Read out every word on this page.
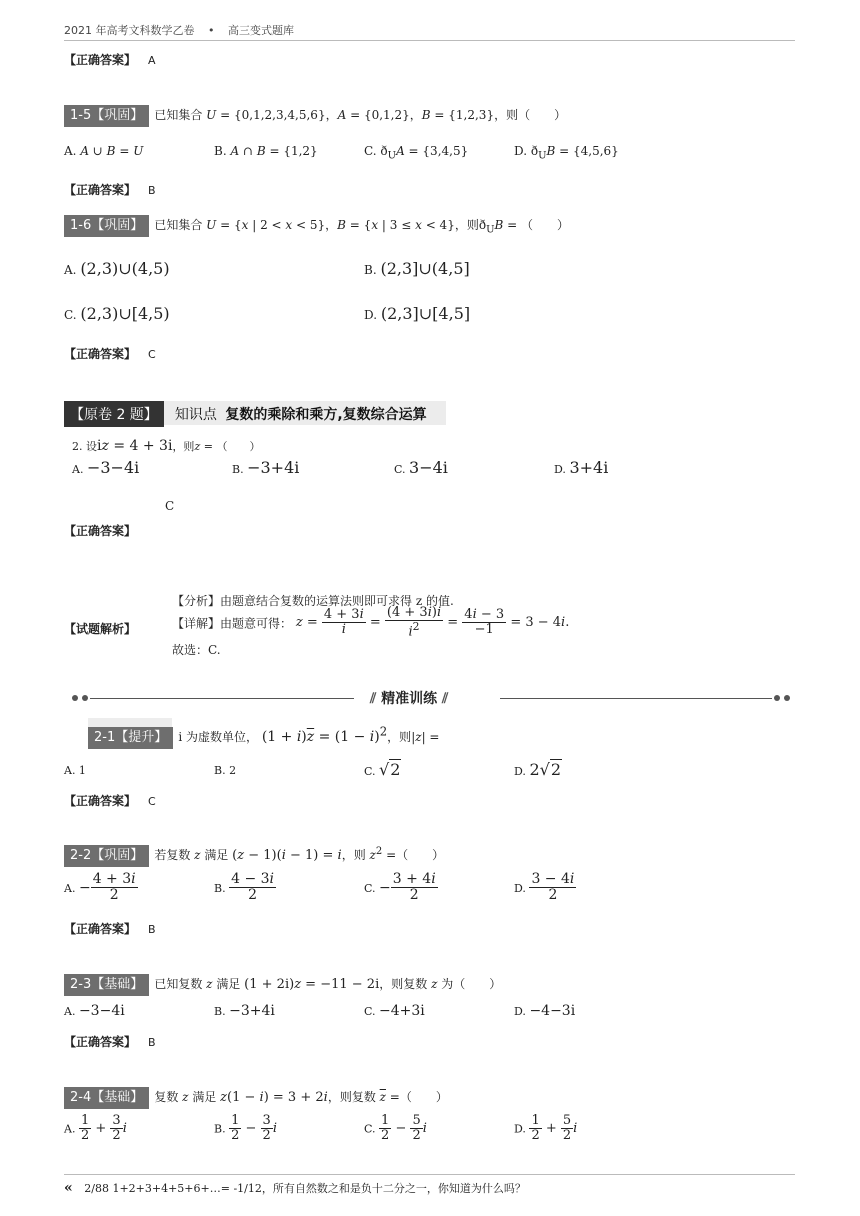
2021 年高考文科数学乙卷 • 高三变式题库
【正确答案】 A
1-5【巩固】 已知集合 U = {0,1,2,3,4,5,6}，A = {0,1,2}，B = {1,2,3}，则（　　）
A. A ∪ B = U	B. A ∩ B = {1,2}	C. $ð_UA = \{3,4,5\}$	D. $ð_UB = \{4,5,6\}$
【正确答案】 B
1-6【巩固】 已知集合 U = {x | 2 < x < 5}，B = {x | 3 ≤ x < 4}，则$ð_UB$ = （　　）
A. (2,3)∪(4,5)	B. (2,3]∪(4,5]
C. (2,3)∪[4,5)	D. (2,3]∪[4,5]
【正确答案】 C
【原卷 2 题】 知识点 复数的乘除和乘方,复数综合运算
2. 设iz = 4 + 3i，则z = （　　）
A. −3−4i	B. −3+4i	C. 3−4i	D. 3+4i
C
【正确答案】
【分析】由题意结合复数的运算法则即可求得 z 的值.
【试题解析】	【详解】由题意可得： $z = \frac{4 + 3i}{i} = \frac{(4 + 3i)i}{i^2} = \frac{4i - 3}{-1} = 3 - 4i$.
故选：C.
⫽ 精准训练 ⫽
2-1【提升】 i 为虚数单位， $(1 + i)\overline{z} = (1 - i)^2$，则|z| =
A. 1	B. 2	C. √2	D. 2√2
【正确答案】 C
2-2【巩固】 若复数 z 满足 (z − 1)(i − 1) = i，则 $z^2$ =（　　）
A. − $\frac{4 + 3i}{2}$	B. $\frac{4 - 3i}{2}$	C. − $\frac{3 + 4i}{2}$	D. $\frac{3 - 4i}{2}$
【正确答案】 B
2-3【基础】 已知复数 z 满足 (1 + 2i)z = −11 − 2i，则复数 z 为（　　）
A. −3−4i	B. −3+4i	C. −4+3i	D. −4−3i
【正确答案】 B
2-4【基础】 复数 z 满足 z(1 − i) = 3 + 2i，则复数 $\overline{z}$ =（　　）
A. $\frac{1}{2} + \frac{3}{2}$ i	B. $\frac{1}{2} - \frac{3}{2}$ i	C. $\frac{1}{2} - \frac{5}{2}$ i	D. $\frac{1}{2} + \frac{5}{2}$ i
« 2/88 1+2+3+4+5+6+…= -1/12，所有自然数之和是负十二分之一，你知道为什么吗？
